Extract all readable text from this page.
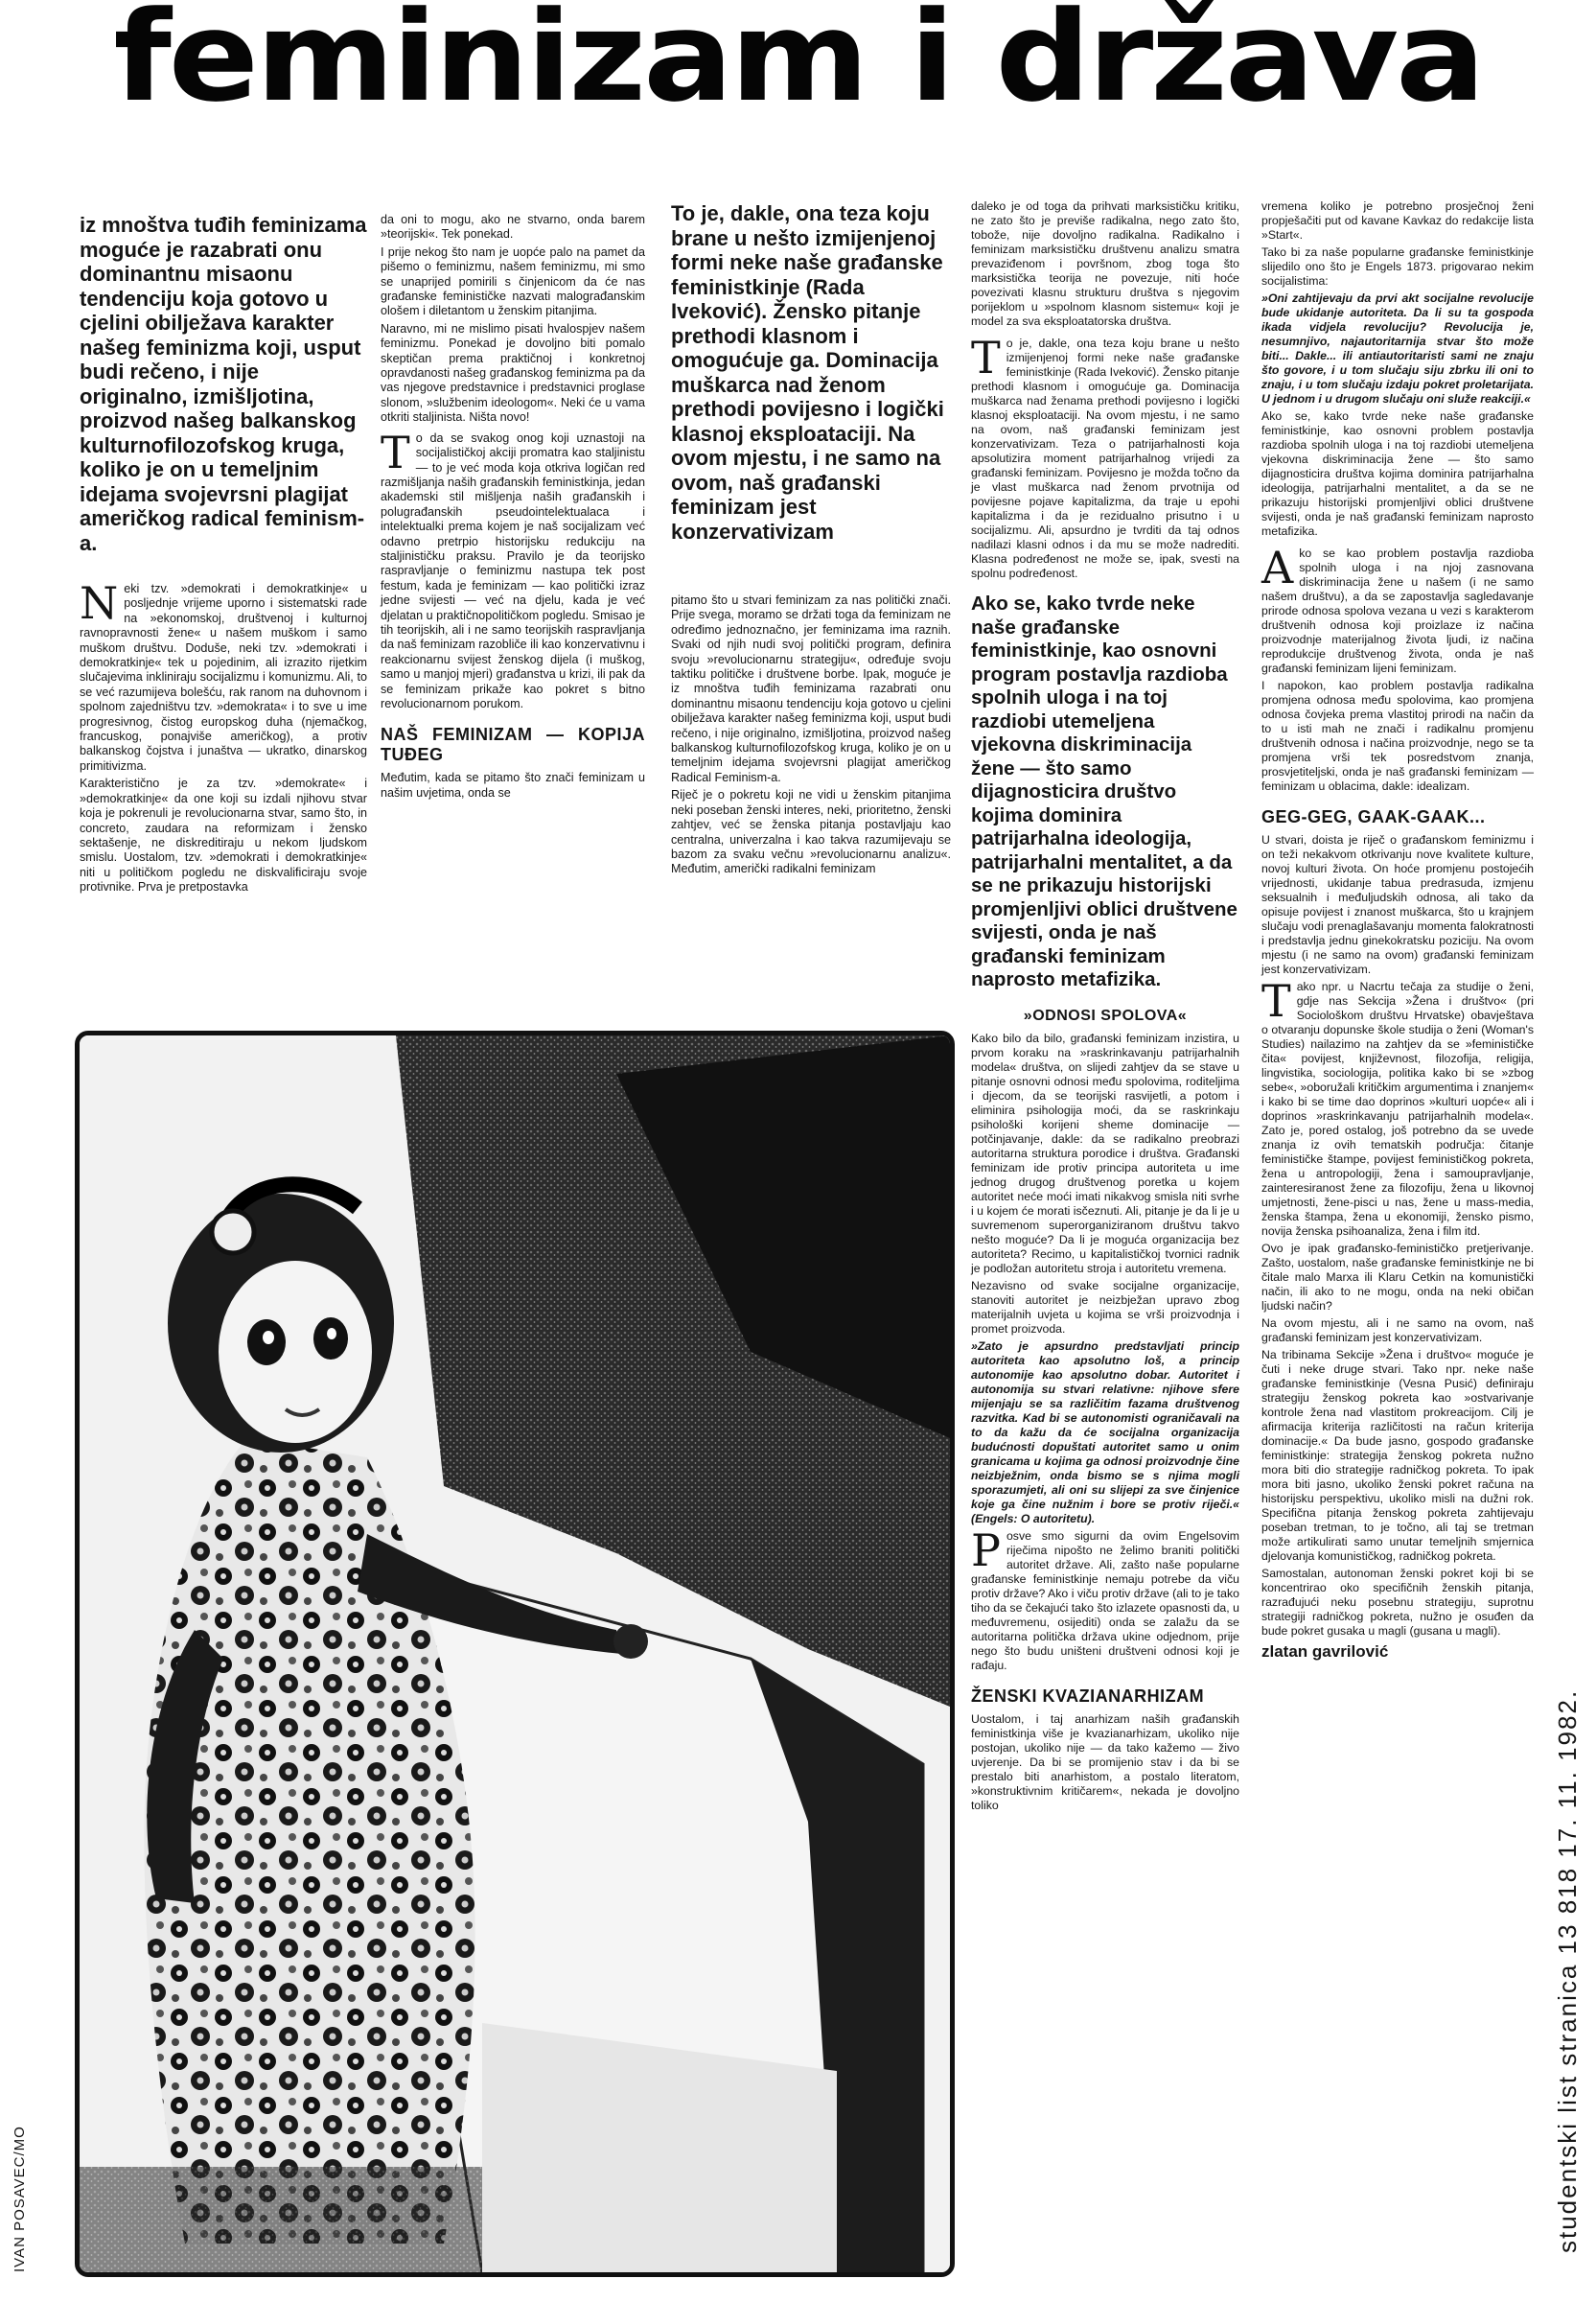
feminizam i država

iz mnoštva tuđih feminizama moguće je razabrati onu dominantnu misaonu tendenciju koja gotovo u cjelini obilježava karakter našeg feminizma koji, usput budi rečeno, i nije originalno, izmišljotina, proizvod našeg balkanskog kulturnofilozofskog kruga, koliko je on u temeljnim idejama svojevrsni plagijat američkog radical feminism-a.

Neki tzv. »demokrati i demokratkinje« u posljednje vrijeme uporno i sistematski rade na »ekonomskoj, društvenoj i kulturnoj ravnopravnosti žene« u našem muškom i samo muškom društvu. Doduše, neki tzv. »demokrati i demokratkinje« tek u pojedinim, ali izrazito rijetkim slučajevima inkliniraju socijalizmu i komunizmu. Ali, to se već razumijeva bolešću, rak ranom na duhovnom i spolnom zajedništvu tzv. »demokrata« i to sve u ime progresivnog, čistog europskog duha (njemačkog, francuskog, ponajviše američkog), a protiv balkanskog čojstva i junaštva — ukratko, dinarskog primitivizma.

Karakteristično je za tzv. »demokrate« i »demokratkinje« da one koji su izdali njihovu stvar koja je pokrenuli je revolucionarna stvar, samo što, in concreto, zaudara na reformizam i žensko sektašenje, ne diskreditiraju u nekom ljudskom smislu. Uostalom, tzv. »demokrati i demokratkinje« niti u političkom pogledu ne diskvalificiraju svoje protivnike. Prva je pretpostavka

da oni to mogu, ako ne stvarno, onda barem »teorijski«. Tek ponekad.

I prije nekog što nam je uopće palo na pamet da pišemo o feminizmu, našem feminizmu, mi smo se unaprijed pomirili s činjenicom da će nas građanske feminističke nazvati malograđanskim ološem i diletantom u ženskim pitanjima.

Naravno, mi ne mislimo pisati hvalospjev našem feminizmu. Ponekad je dovoljno biti pomalo skeptičan prema praktičnoj i konkretnoj opravdanosti našeg građanskog feminizma pa da vas njegove predstavnice i predstavnici proglase slonom, »službenim ideologom«. Neki će u vama otkriti staljinista. Ništa novo!

To da se svakog onog koji uznastoji na socijalističkoj akciji promatra kao staljinistu — to je već moda koja otkriva logičan red razmišljanja naših građanskih feministkinja, jedan akademski stil mišljenja naših građanskih i polugrađanskih pseudointelektualaca i intelektualki prema kojem je naš socijalizam već odavno pretrpio historijsku redukciju na staljinističku praksu. Pravilo je da teorijsko raspravljanje o feminizmu nastupa tek post festum, kada je feminizam — kao politički izraz jedne svijesti — već na djelu, kada je već djelatan u praktičnopolitičkom pogledu. Smisao je tih teorijskih, ali i ne samo teorijskih raspravljanja da naš feminizam razobliče ili kao konzervativnu i reakcionarnu svijest ženskog dijela (i muškog, samo u manjoj mjeri) građanstva u krizi, ili pak da se feminizam prikaže kao pokret s bitno revolucionarnom porukom.

NAŠ FEMINIZAM — KOPIJA TUĐEG

Međutim, kada se pitamo što znači feminizam u našim uvjetima, onda se

To je, dakle, ona teza koju brane u nešto izmijenjenoj formi neke naše građanske feministkinje (Rada Iveković). Žensko pitanje prethodi klasnom i omogućuje ga. Dominacija muškarca nad ženom prethodi povijesno i logički klasnoj eksploataciji. Na ovom mjestu, i ne samo na ovom, naš građanski feminizam jest konzervativizam

pitamo što u stvari feminizam za nas politički znači. Prije svega, moramo se držati toga da feminizam ne određimo jednoznačno, jer feminizama ima raznih. Svaki od njih nudi svoj politički program, definira svoju »revolucionarnu strategiju«, određuje svoju taktiku političke i društvene borbe. Ipak, moguće je iz mnoštva tuđih feminizama razabrati onu dominantnu misaonu tendenciju koja gotovo u cjelini obilježava karakter našeg feminizma koji, usput budi rečeno, i nije originalno, izmišljotina, proizvod našeg balkanskog kulturnofilozofskog kruga, koliko je on u temeljnim idejama svojevrsni plagijat američkog Radical Feminism-a.

Riječ je o pokretu koji ne vidi u ženskim pitanjima neki poseban ženski interes, neki, prioritetno, ženski zahtjev, već se ženska pitanja postavljaju kao centralna, univerzalna i kao takva razumijevaju se bazom za svaku večnu »revolucionarnu analizu«. Međutim, američki radikalni feminizam

daleko je od toga da prihvati marksističku kritiku, ne zato što je previše radikalna, nego zato što, tobože, nije dovoljno radikalna. Radikalno i feminizam marksističku društvenu analizu smatra prevaziđenom i površnom, zbog toga što marksistička teorija ne povezuje, niti hoće povezivati klasnu strukturu društva s njegovim porijeklom u »spolnom klasnom sistemu« koji je model za sva eksploatatorska društva.

To je, dakle, ona teza koju brane u nešto izmijenjenoj formi neke naše građanske feministkinje (Rada Iveković). Žensko pitanje prethodi klasnom i omogućuje ga. Dominacija muškarca nad ženama prethodi povijesno i logički klasnoj eksploataciji. Na ovom mjestu, i ne samo na ovom, naš građanski feminizam jest konzervativizam. Teza o patrijarhalnosti koja apsolutizira moment patrijarhalnog vrijedi za građanski feminizam. Povijesno je možda točno da je vlast muškarca nad ženom prvotnija od povijesne pojave kapitalizma, da traje u epohi kapitalizma i da je rezidualno prisutno i u socijalizmu. Ali, apsurdno je tvrditi da taj odnos nadilazi klasni odnos i da mu se može nadrediti. Klasna podređenost ne može se, ipak, svesti na spolnu podređenost.

Ako se, kako tvrde neke naše građanske feministkinje, kao osnovni program postavlja razdioba spolnih uloga i na toj razdiobi utemeljena vjekovna diskriminacija žene — što samo dijagnosticira društvo kojima dominira patrijarhalna ideologija, patrijarhalni mentalitet, a da se ne prikazuju historijski promjenljivi oblici društvene svijesti, onda je naš građanski feminizam naprosto metafizika.

»ODNOSI SPOLOVA«

Kako bilo da bilo, građanski feminizam inzistira, u prvom koraku na »raskrinkavanju patrijarhalnih modela« društva, on slijedi zahtjev da se stave u pitanje osnovni odnosi među spolovima, roditeljima i djecom, da se teorijski rasvijetli, a potom i eliminira psihologija moći, da se raskrinkaju psihološki korijeni sheme dominacije — potčinjavanje, dakle: da se radikalno preobrazi autoritarna struktura porodice i društva. Građanski feminizam ide protiv principa autoriteta u ime jednog drugog društvenog poretka u kojem autoritet neće moći imati nikakvog smisla niti svrhe i u kojem će morati isčeznuti. Ali, pitanje je da li je u suvremenom superorganiziranom društvu takvo nešto moguće? Da li je moguća organizacija bez autoriteta? Recimo, u kapitalističkoj tvornici radnik je podložan autoritetu stroja i autoritetu vremena.

Nezavisno od svake socijalne organizacije, stanoviti autoritet je neizbježan upravo zbog materijalnih uvjeta u kojima se vrši proizvodnja i promet proizvoda.

»Zato je apsurdno predstavljati princip autoriteta kao apsolutno loš, a princip autonomije kao apsolutno dobar. Autoritet i autonomija su stvari relativne: njihove sfere mijenjaju se sa različitim fazama društvenog razvitka. Kad bi se autonomisti ograničavali na to da kažu da će socijalna organizacija budućnosti dopuštati autoritet samo u onim granicama u kojima ga odnosi proizvodnje čine neizbježnim, onda bismo se s njima mogli sporazumjeti, ali oni su slijepi za sve činjenice koje ga čine nužnim i bore se protiv riječi.« (Engels: O autoritetu).

Posve smo sigurni da ovim Engelsovim riječima nipošto ne želimo braniti politički autoritet države. Ali, zašto naše popularne građanske feministkinje nemaju potrebe da viču protiv države? Ako i viču protiv države (ali to je tako tiho da se čekajući tako što izlazete opasnosti da, u međuvremenu, osijediti) onda se zalažu da se autoritarna politička država ukine odjednom, prije nego što budu uništeni društveni odnosi koji je rađaju.

ŽENSKI KVAZIANARHIZAM

Uostalom, i taj anarhizam naših građanskih feministkinja više je kvazianarhizam, ukoliko nije postojan, ukoliko nije — da tako kažemo — živo uvjerenje. Da bi se promijenio stav i da bi se prestalo biti anarhistom, a postalo literatom, »konstruktivnim kritičarem«, nekada je dovoljno toliko

vremena koliko je potrebno prosječnoj ženi propješačiti put od kavane Kavkaz do redakcije lista »Start«.

Tako bi za naše popularne građanske feministkinje slijedilo ono što je Engels 1873. prigovarao nekim socijalistima:

»Oni zahtijevaju da prvi akt socijalne revolucije bude ukidanje autoriteta. Da li su ta gospoda ikada vidjela revoluciju? Revolucija je, nesumnjivo, najautoritarnija stvar što može biti... Dakle... ili antiautoritaristi sami ne znaju što govore, i u tom slučaju siju zbrku ili oni to znaju, i u tom slučaju izdaju pokret proletarijata. U jednom i u drugom slučaju oni služe reakciji.«

Ako se, kako tvrde neke naše građanske feministkinje, kao osnovni problem postavlja razdioba spolnih uloga i na toj razdiobi utemeljena vjekovna diskriminacija žene — što samo dijagnosticira društva kojima dominira patrijarhalna ideologija, patrijarhalni mentalitet, a da se ne prikazuju historijski promjenljivi oblici društvene svijesti, onda je naš građanski feminizam naprosto metafizika.

Ako se kao problem postavlja razdioba spolnih uloga i na njoj zasnovana diskriminacija žene u našem (i ne samo našem društvu), a da se zapostavlja sagledavanje prirode odnosa spolova vezana u vezi s karakterom društvenih odnosa koji proizlaze iz načina proizvodnje materijalnog života ljudi, iz načina reprodukcije društvenog života, onda je naš građanski feminizam lijeni feminizam.

I napokon, kao problem postavlja radikalna promjena odnosa među spolovima, kao promjena odnosa čovjeka prema vlastitoj prirodi na način da to u isti mah ne znači i radikalnu promjenu društvenih odnosa i načina proizvodnje, nego se ta promjena vrši tek posredstvom znanja, prosvjetiteljski, onda je naš građanski feminizam — feminizam u oblacima, dakle: idealizam.

GEG-GEG, GAAK-GAAK...

U stvari, doista je riječ o građanskom feminizmu i on teži nekakvom otkrivanju nove kvalitete kulture, novoj kulturi života. On hoće promjenu postojećih vrijednosti, ukidanje tabua predrasuda, izmjenu seksualnih i međuljudskih odnosa, ali tako da opisuje povijest i znanost muškarca, što u krajnjem slučaju vodi prenaglašavanju momenta falokratnosti i predstavlja jednu ginekokratsku poziciju. Na ovom mjestu (i ne samo na ovom) građanski feminizam jest konzervativizam.

Tako npr. u Nacrtu tečaja za studije o ženi, gdje nas Sekcija »Žena i društvo« (pri Sociološkom društvu Hrvatske) obavještava o otvaranju dopunske škole studija o ženi (Woman's Studies) nailazimo na zahtjev da se »feminističke čita« povijest, književnost, filozofija, religija, lingvistika, sociologija, politika kako bi se »zbog sebe«, »oboružali kritičkim argumentima i znanjem« i kako bi se time dao doprinos »kulturi uopće« ali i doprinos »raskrinkavanju patrijarhalnih modela«. Zato je, pored ostalog, još potrebno da se uvede znanja iz ovih tematskih područja: čitanje feminističke štampe, povijest feminističkog pokreta, žena u antropologiji, žena i samoupravljanje, zainteresiranost žene za filozofiju, žena u likovnoj umjetnosti, žene-pisci u nas, žene u mass-media, ženska štampa, žena u ekonomiji, žensko pismo, novija ženska psihoanaliza, žena i film itd.

Ovo je ipak građansko-feminističko pretjerivanje. Zašto, uostalom, naše građanske feministkinje ne bi čitale malo Marxa ili Klaru Cetkin na komunistički način, ili ako to ne mogu, onda na neki običan ljudski način?

Na ovom mjestu, ali i ne samo na ovom, naš građanski feminizam jest konzervativizam.

Na tribinama Sekcije »Žena i društvo« moguće je čuti i neke druge stvari. Tako npr. neke naše građanske feministkinje (Vesna Pusić) definiraju strategiju ženskog pokreta kao »ostvarivanje kontrole žena nad vlastitom prokreacijom. Cilj je afirmacija kriterija različitosti na račun kriterija dominacije.« Da bude jasno, gospodo građanske feministkinje: strategija ženskog pokreta nužno mora biti dio strategije radničkog pokreta. To ipak mora biti jasno, ukoliko ženski pokret računa na historijsku perspektivu, ukoliko misli na dužni rok. Specifična pitanja ženskog pokreta zahtijevaju poseban tretman, to je točno, ali taj se tretman može artikulirati samo unutar temeljnih smjernica djelovanja komunističkog, radničkog pokreta.

Samostalan, autonoman ženski pokret koji bi se koncentrirao oko specifičnih ženskih pitanja, razrađujući neku posebnu strategiju, suprotnu strategiji radničkog pokreta, nužno je osuđen da bude pokret gusaka u magli (gusana u magli).

zlatan gavrilović

IVAN POSAVEC/MO	studentski list stranica 13 818 17. 11. 1982.
